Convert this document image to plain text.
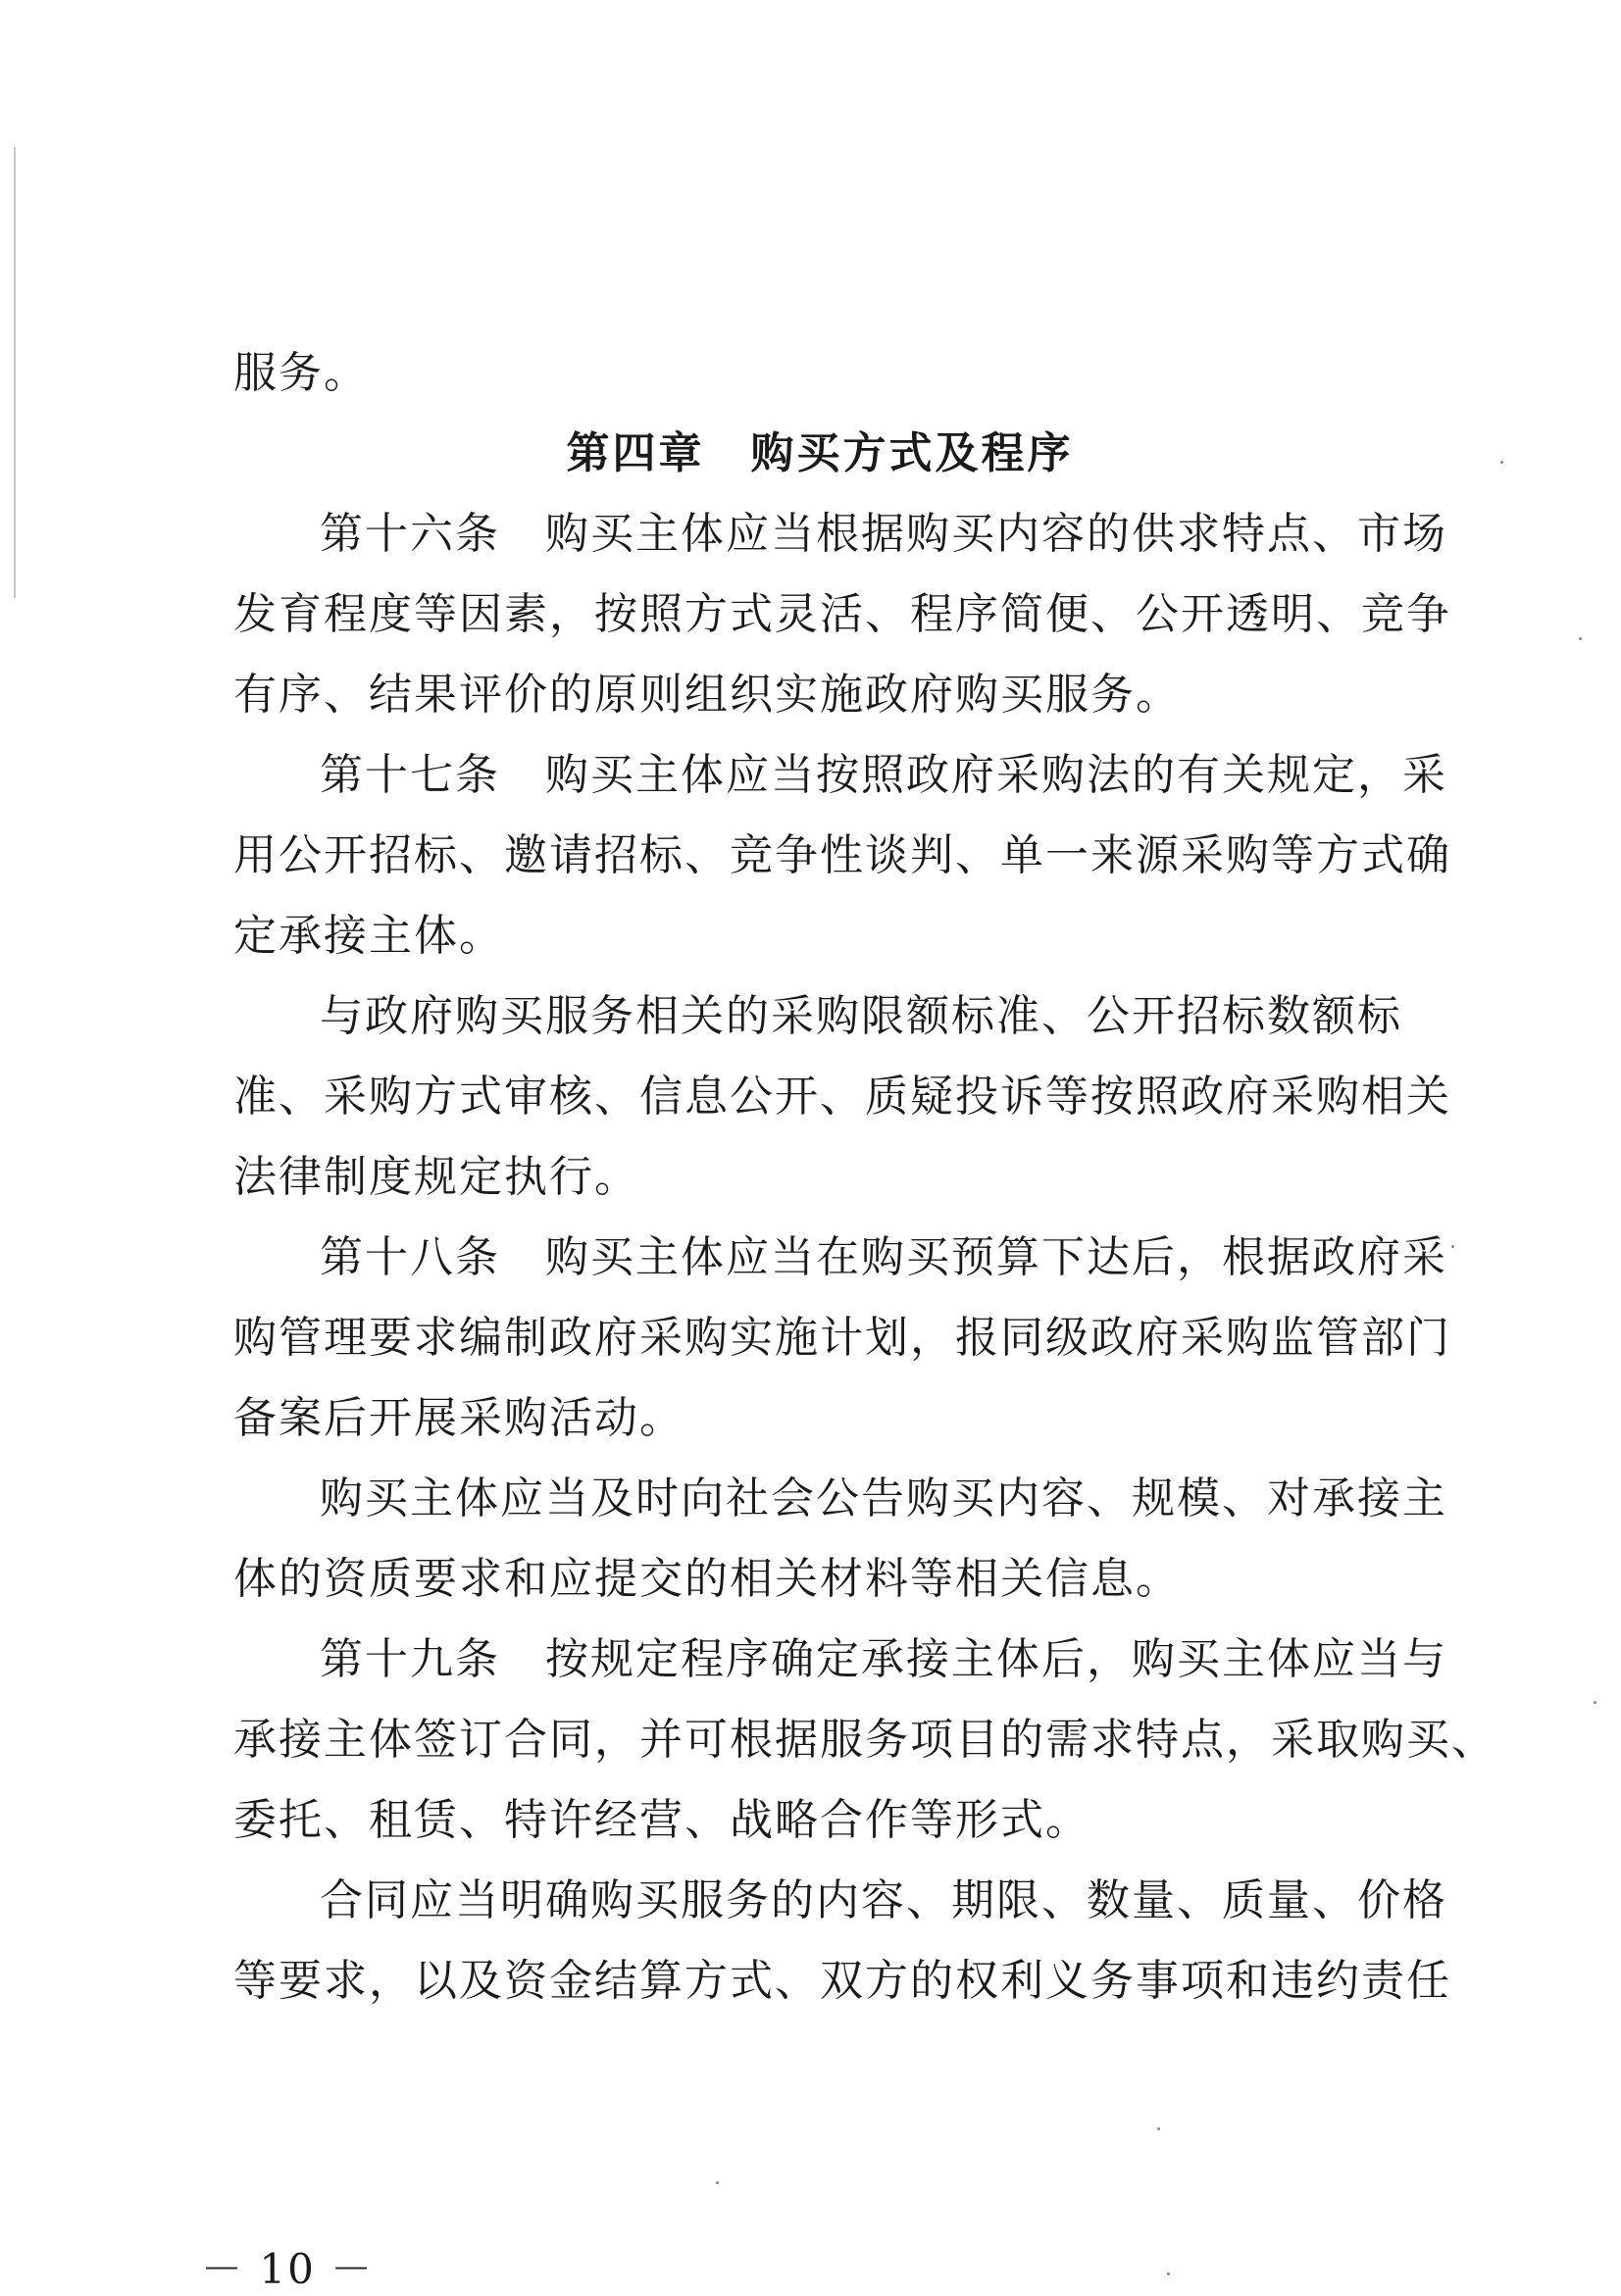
服务。
第四章　购买方式及程序
第十六条　购买主体应当根据购买内容的供求特点、市场
发育程度等因素，按照方式灵活、程序简便、公开透明、竞争
有序、结果评价的原则组织实施政府购买服务。
第十七条　购买主体应当按照政府采购法的有关规定，采
用公开招标、邀请招标、竞争性谈判、单一来源采购等方式确
定承接主体。
与政府购买服务相关的采购限额标准、公开招标数额标
准、采购方式审核、信息公开、质疑投诉等按照政府采购相关
法律制度规定执行。
第十八条　购买主体应当在购买预算下达后，根据政府采
购管理要求编制政府采购实施计划，报同级政府采购监管部门
备案后开展采购活动。
购买主体应当及时向社会公告购买内容、规模、对承接主
体的资质要求和应提交的相关材料等相关信息。
第十九条　按规定程序确定承接主体后，购买主体应当与
承接主体签订合同，并可根据服务项目的需求特点，采取购买、
委托、租赁、特许经营、战略合作等形式。
合同应当明确购买服务的内容、期限、数量、质量、价格
等要求，以及资金结算方式、双方的权利义务事项和违约责任
－ 10 －
